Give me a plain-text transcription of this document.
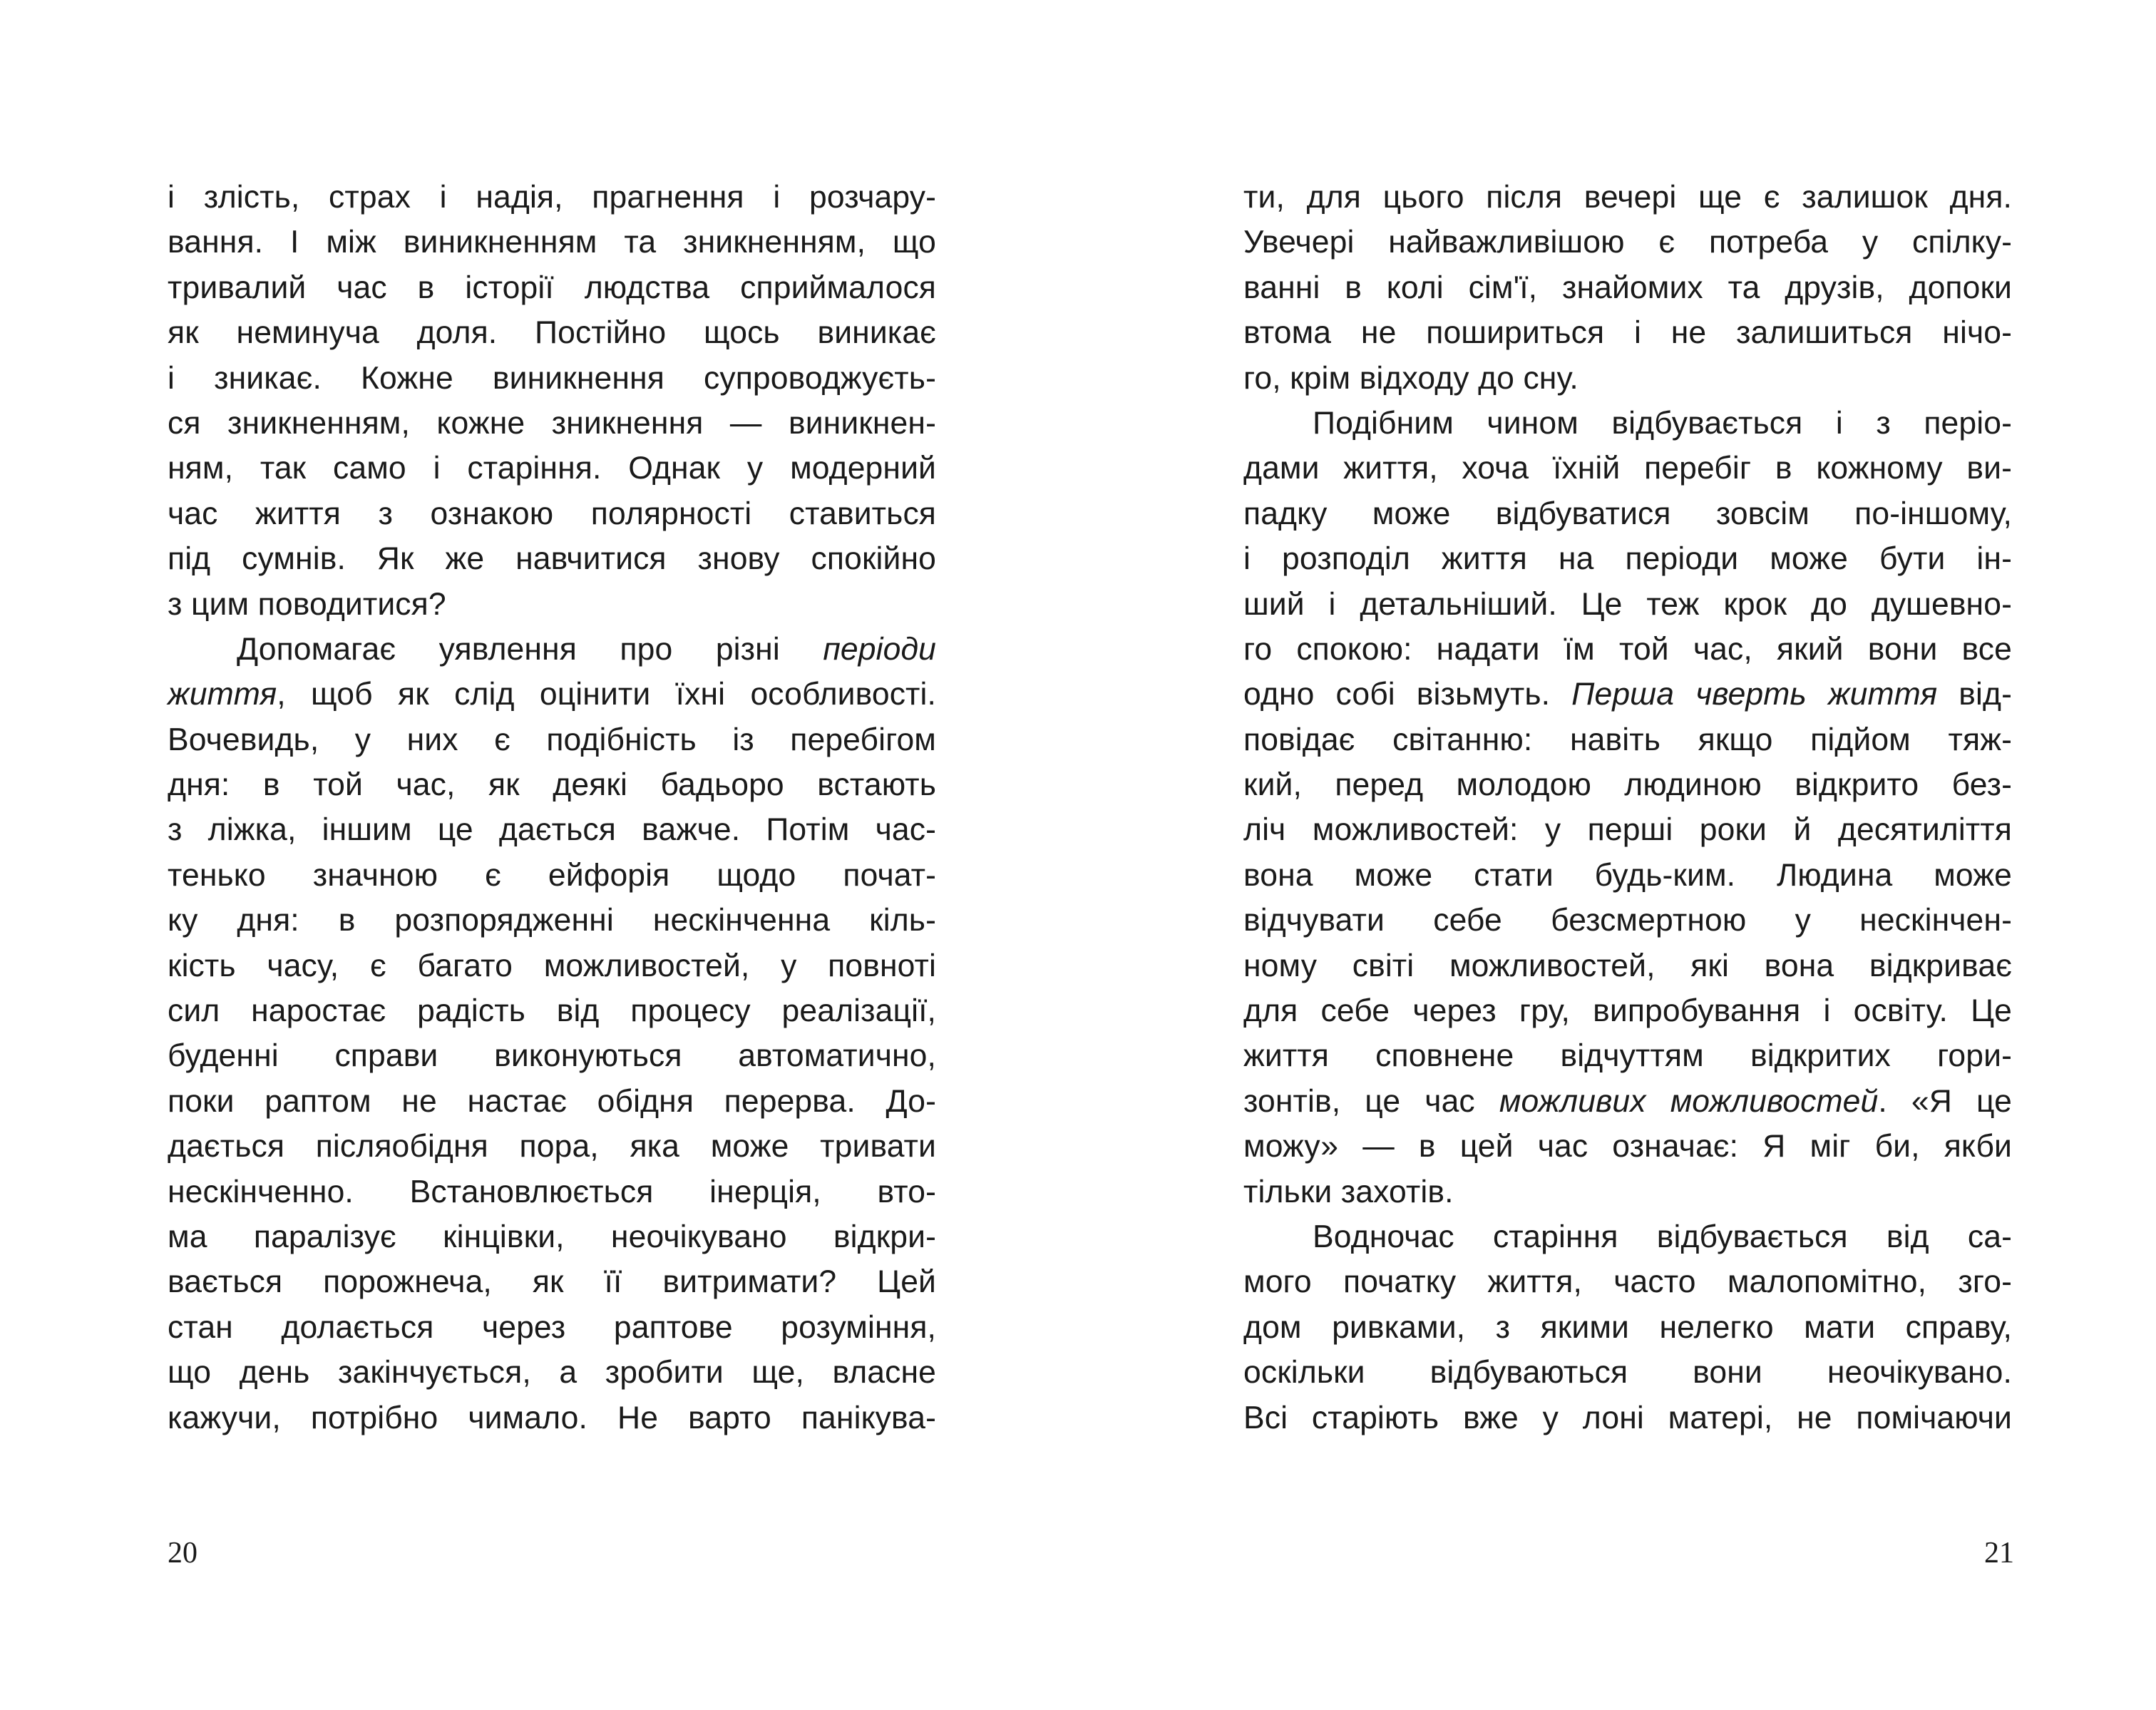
і злість, страх і надія, прагнення і розчару-
вання. І між виникненням та зникненням, що
тривалий час в історії людства сприймалося
як неминуча доля. Постійно щось виникає
і зникає. Кожне виникнення супроводжуєть-
ся зникненням, кожне зникнення — виникнен-
ням, так само і старіння. Однак у модерний
час життя з ознакою полярності ставиться
під сумнів. Як же навчитися знову спокійно
з цим поводитися?
Допомагає уявлення про різні періоди
життя, щоб як слід оцінити їхні особливості.
Вочевидь, у них є подібність із перебігом
дня: в той час, як деякі бадьоро встають
з ліжка, іншим це дається важче. Потім час-
тенько значною є ейфорія щодо почат-
ку дня: в розпорядженні нескінченна кіль-
кість часу, є багато можливостей, у повноті
сил наростає радість від процесу реалізації,
буденні справи виконуються автоматично,
поки раптом не настає обідня перерва. До-
дається післяобідня пора, яка може тривати
нескінченно. Встановлюється інерція, вто-
ма паралізує кінцівки, неочікувано відкри-
вається порожнеча, як її витримати? Цей
стан долається через раптове розуміння,
що день закінчується, а зробити ще, власне
кажучи, потрібно чимало. Не варто панікува-
20
ти, для цього після вечері ще є залишок дня.
Увечері найважливішою є потреба у спілку-
ванні в колі сім'ї, знайомих та друзів, допоки
втома не пошириться і не залишиться нічо-
го, крім відходу до сну.
Подібним чином відбувається і з періо-
дами життя, хоча їхній перебіг в кожному ви-
падку може відбуватися зовсім по-іншому,
і розподіл життя на періоди може бути ін-
ший і детальніший. Це теж крок до душевно-
го спокою: надати їм той час, який вони все
одно собі візьмуть. Перша чверть життя від-
повідає світанню: навіть якщо підйом тяж-
кий, перед молодою людиною відкрито без-
ліч можливостей: у перші роки й десятиліття
вона може стати будь-ким. Людина може
відчувати себе безсмертною у нескінчен-
ному світі можливостей, які вона відкриває
для себе через гру, випробування і освіту. Це
життя сповнене відчуттям відкритих гори-
зонтів, це час можливих можливостей. «Я це
можу» — в цей час означає: Я міг би, якби
тільки захотів.
Водночас старіння відбувається від са-
мого початку життя, часто малопомітно, зго-
дом ривками, з якими нелегко мати справу,
оскільки відбуваються вони неочікувано.
Всі старіють вже у лоні матері, не помічаючи
21
